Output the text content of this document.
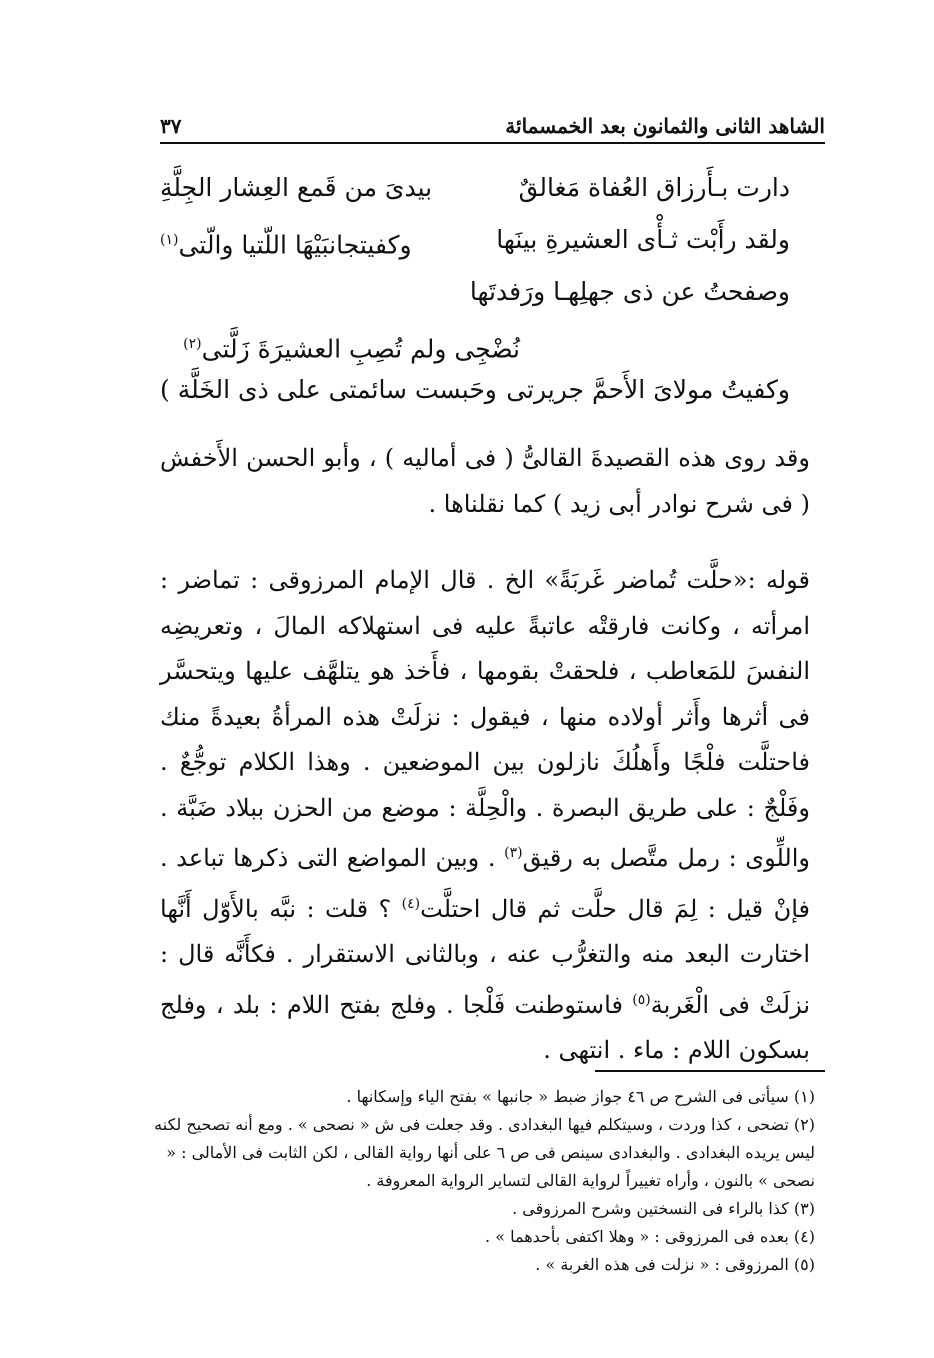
الشاهد الثانى والثمانون بعد الخمسمائة
٣٧
دارت بـأَرزاق العُفاة مَغالقٌ
بيدىَ من قَمع العِشار الجِلَّةِ
ولقد رأَبْت ثـأْى العشيرةِ بينَها
وكفيتجانبَيْهَا اللّتيا والّتى$^{(١)}$
وصفحتُ عن ذى جهلِهـا ورَفدتَها
نُضْجِى ولم تُصِبِ العشيرَةَ زَلَّتى$^{(٢)}$
وكفيتُ مولاىَ الأَحمَّ جريرتى
وحَبست سائمتى على ذى الخَلَّة )

وقد روى هذه القصيدةَ القالىُّ ( فى أماليه ) ، وأبو الحسن الأَخفش ( فى شرح نوادر أبى زيد ) كما نقلناها .

قوله :«حلَّت تُماضر غَربَةً» الخ . قال الإمام المرزوقى : تماضر : امرأته ، وكانت فارقتْه عاتبةً عليه فى استهلاكه المالَ ، وتعريضِه النفسَ للمَعاطب ، فلحقتْ بقومها ، فأَخذ هو يتلهَّف عليها ويتحسَّر فى أثرها وأَثر أولاده منها ، فيقول : نزلَتْ هذه المرأةُ بعيدةً منك فاحتلَّت فلْجًا وأَهلُكَ نازلون بين الموضعين . وهذا الكلام توجُّعٌ . وفَلْجٌ : على طريق البصرة . والْحِلَّة : موضع من الحزن ببلاد ضَبَّة . واللِّوى : رمل متَّصل به رقيق$^{(٣)}$ . وبين المواضع التى ذكرها تباعد . فإنْ قيل : لِمَ قال حلَّت ثم قال احتلَّت$^{(٤)}$ ؟ قلت : نبَّه بالأَوّل أَنَّها اختارت البعد منه والتغرُّب عنه ، وبالثانى الاستقرار . فكأَنَّه قال : نزلَتْ فى الْغَربة$^{(٥)}$ فاستوطنت فَلْجا . وفلج بفتح اللام : بلد ، وفلج بسكون اللام : ماء . انتهى .

(١) سيأتى فى الشرح ص ٤٦ جواز ضبط « جانبها » بفتح الياء وإسكانها .

(٢) تضحى ، كذا وردت ، وسيتكلم فيها البغدادى . وقد جعلت فى ش « نصحى » . ومع أنه تصحيح لكنه ليس يريده البغدادى . والبغدادى سينص فى ص ٦ على أنها رواية القالى ، لكن الثابت فى الأمالى : « نصحى » بالنون ، وأراه تغييراً لرواية القالى لتساير الرواية المعروفة .

(٣) كذا بالراء فى النسختين وشرح المرزوقى .

(٤) بعده فى المرزوقى : « وهلا اكتفى بأحدهما » .

(٥) المرزوقى : « نزلت فى هذه الغربة » .
